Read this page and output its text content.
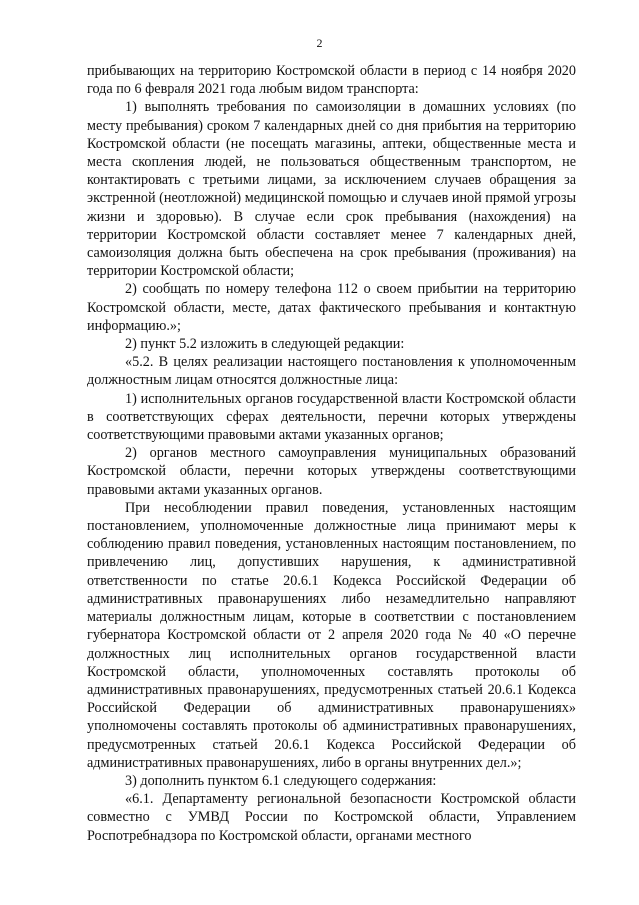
2

прибывающих на территорию Костромской области в период с 14 ноября 2020 года по 6 февраля 2021 года любым видом транспорта:

1) выполнять требования по самоизоляции в домашних условиях (по месту пребывания) сроком 7 календарных дней со дня прибытия на территорию Костромской области (не посещать магазины, аптеки, общественные места и места скопления людей, не пользоваться общественным транспортом, не контактировать с третьими лицами, за исключением случаев обращения за экстренной (неотложной) медицинской помощью и случаев иной прямой угрозы жизни и здоровью). В случае если срок пребывания (нахождения) на территории Костромской области составляет менее 7 календарных дней, самоизоляция должна быть обеспечена на срок пребывания (проживания) на территории Костромской области;

2) сообщать по номеру телефона 112 о своем прибытии на территорию Костромской области, месте, датах фактического пребывания и контактную информацию.»;

2) пункт 5.2 изложить в следующей редакции:

«5.2. В целях реализации настоящего постановления к уполномоченным должностным лицам относятся должностные лица:

1) исполнительных органов государственной власти Костромской области в соответствующих сферах деятельности, перечни которых утверждены соответствующими правовыми актами указанных органов;

2) органов местного самоуправления муниципальных образований Костромской области, перечни которых утверждены соответствующими правовыми актами указанных органов.

При несоблюдении правил поведения, установленных настоящим постановлением, уполномоченные должностные лица принимают меры к соблюдению правил поведения, установленных настоящим постановлением, по привлечению лиц, допустивших нарушения, к административной ответственности по статье 20.6.1 Кодекса Российской Федерации об административных правонарушениях либо незамедлительно направляют материалы должностным лицам, которые в соответствии с постановлением губернатора Костромской области от 2 апреля 2020 года № 40 «О перечне должностных лиц исполнительных органов государственной власти Костромской области, уполномоченных составлять протоколы об административных правонарушениях, предусмотренных статьей 20.6.1 Кодекса Российской Федерации об административных правонарушениях» уполномочены составлять протоколы об административных правонарушениях, предусмотренных статьей 20.6.1 Кодекса Российской Федерации об административных правонарушениях, либо в органы внутренних дел.»;

3) дополнить пунктом 6.1 следующего содержания:

«6.1. Департаменту региональной безопасности Костромской области совместно с УМВД России по Костромской области, Управлением Роспотребнадзора по Костромской области, органами местного
